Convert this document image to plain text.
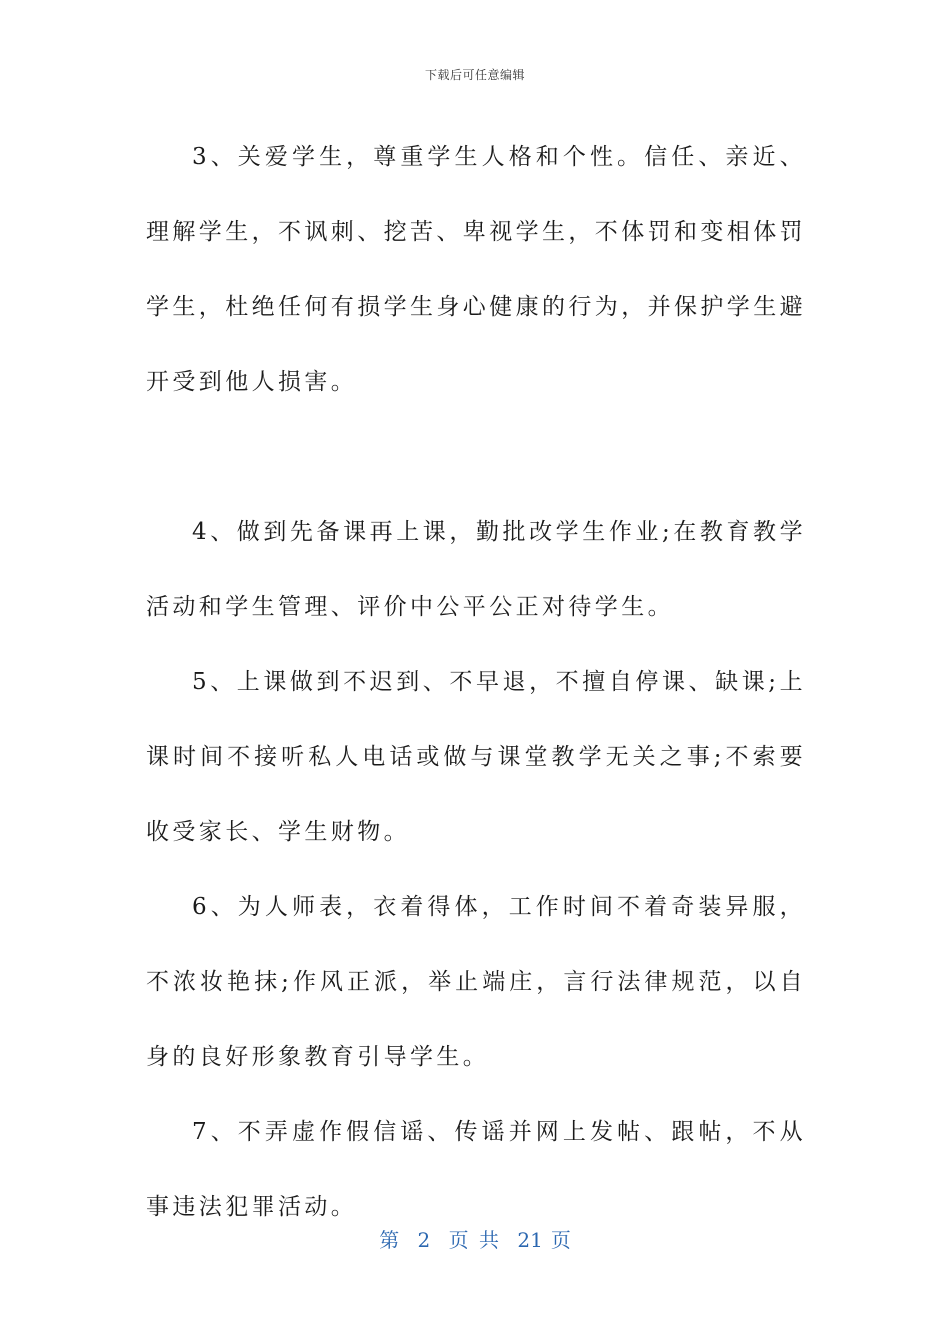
下载后可任意编辑

3、关爱学生，尊重学生人格和个性。信任、亲近、理解学生，不讽刺、挖苦、卑视学生，不体罚和变相体罚学生，杜绝任何有损学生身心健康的行为，并保护学生避开受到他人损害。

4、做到先备课再上课，勤批改学生作业;在教育教学活动和学生管理、评价中公平公正对待学生。

5、上课做到不迟到、不早退，不擅自停课、缺课;上课时间不接听私人电话或做与课堂教学无关之事;不索要收受家长、学生财物。

6、为人师表，衣着得体，工作时间不着奇装异服，不浓妆艳抹;作风正派，举止端庄，言行法律规范，以自身的良好形象教育引导学生。

7、不弄虚作假信谣、传谣并网上发帖、跟帖，不从事违法犯罪活动。

第 2 页 共 21 页
